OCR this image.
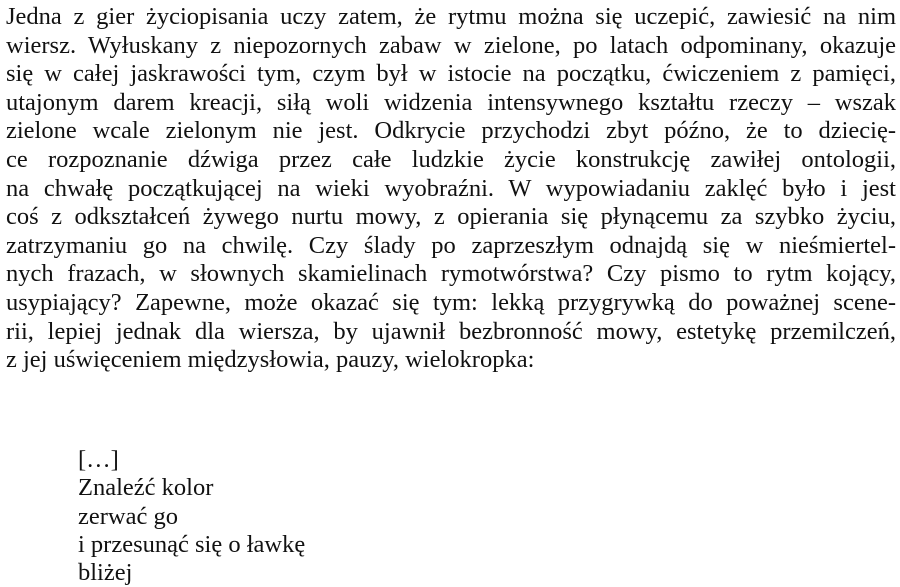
Jedna z gier życiopisania uczy zatem, że rytmu można się uczepić, zawiesić na nim
wiersz. Wyłuskany z niepozornych zabaw w zielone, po latach odpominany, okazuje
się w całej jaskrawości tym, czym był w istocie na początku, ćwiczeniem z pamięci,
utajonym darem kreacji, siłą woli widzenia intensywnego kształtu rzeczy – wszak
zielone wcale zielonym nie jest. Odkrycie przychodzi zbyt późno, że to dziecię-
ce rozpoznanie dźwiga przez całe ludzkie życie konstrukcję zawiłej ontologii,
na chwałę początkującej na wieki wyobraźni. W wypowiadaniu zaklęć było i jest
coś z odkształceń żywego nurtu mowy, z opierania się płynącemu za szybko życiu,
zatrzymaniu go na chwilę. Czy ślady po zaprzeszłym odnajdą się w nieśmiertel-
nych frazach, w słownych skamielinach rymotwórstwa? Czy pismo to rytm kojący,
usypiający? Zapewne, może okazać się tym: lekką przygrywką do poważnej scene-
rii, lepiej jednak dla wiersza, by ujawnił bezbronność mowy, estetykę przemilczeń,
z jej uświęceniem międzysłowia, pauzy, wielokropka:
[…]
Znaleźć kolor
zerwać go
i przesunąć się o ławkę
bliżej
